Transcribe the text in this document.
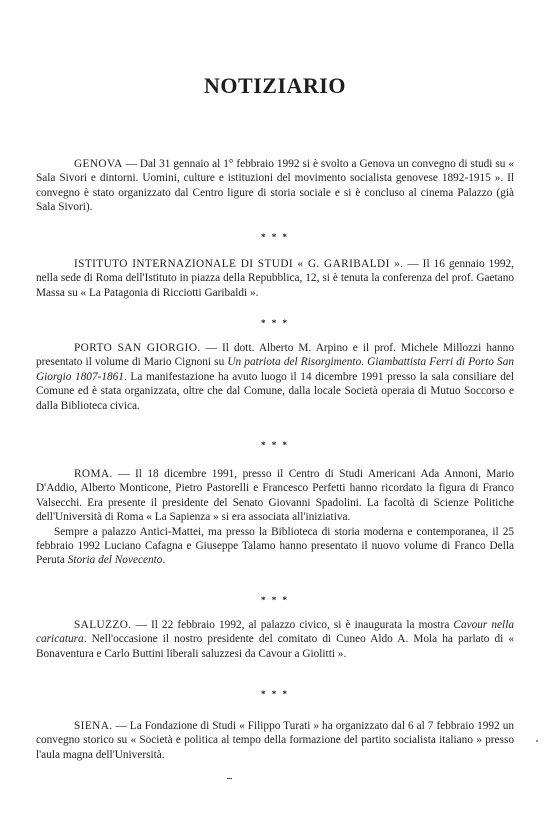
NOTIZIARIO

GENOVA — Dal 31 gennaio al 1° febbraio 1992 si è svolto a Genova un convegno di studi su « Sala Sivori e dintorni. Uomini, culture e istituzioni del movimento socialista genovese 1892-1915 ». Il convegno è stato organizzato dal Centro ligure di storia sociale e si è concluso al cinema Palazzo (già Sala Sivori).

* * *

ISTITUTO INTERNAZIONALE DI STUDI « G. GARIBALDI ». — Il 16 gennaio 1992, nella sede di Roma dell'Istituto in piazza della Repubblica, 12, si è tenuta la conferenza del prof. Gaetano Massa su « La Patagonia di Ricciotti Garibaldi ».

* * *

PORTO SAN GIORGIO. — Il dott. Alberto M. Arpino e il prof. Michele Millozzi hanno presentato il volume di Mario Cignoni su Un patriota del Risorgimento. Giambattista Ferri di Porto San Giorgio 1807-1861. La manifestazione ha avuto luogo il 14 dicembre 1991 presso la sala consiliare del Comune ed è stata organizzata, oltre che dal Comune, dalla locale Società operaia di Mutuo Soccorso e dalla Biblioteca civica.

* * *

ROMA. — Il 18 dicembre 1991, presso il Centro di Studi Americani Ada Annoni, Mario D'Addio, Alberto Monticone, Pietro Pastorelli e Francesco Perfetti hanno ricordato la figura di Franco Valsecchi. Era presente il presidente del Senato Giovanni Spadolini. La facoltà di Scienze Politiche dell'Università di Roma « La Sapienza » si era associata all'iniziativa.

Sempre a palazzo Antici-Mattei, ma presso la Biblioteca di storia moderna e contemporanea, il 25 febbraio 1992 Luciano Cafagna e Giuseppe Talamo hanno presentato il nuovo volume di Franco Della Peruta Storia del Novecento.

* * *

SALUZZO. — Il 22 febbraio 1992, al palazzo civico, si è inaugurata la mostra Cavour nella caricatura. Nell'occasione il nostro presidente del comitato di Cuneo Aldo A. Mola ha parlato di « Bonaventura e Carlo Buttini liberali saluzzesi da Cavour a Giolitti ».

* * *

SIENA. — La Fondazione di Studi « Filippo Turati » ha organizzato dal 6 al 7 febbraio 1992 un convegno storico su « Società e politica al tempo della formazione del partito socialista italiano » presso l'aula magna dell'Università.
